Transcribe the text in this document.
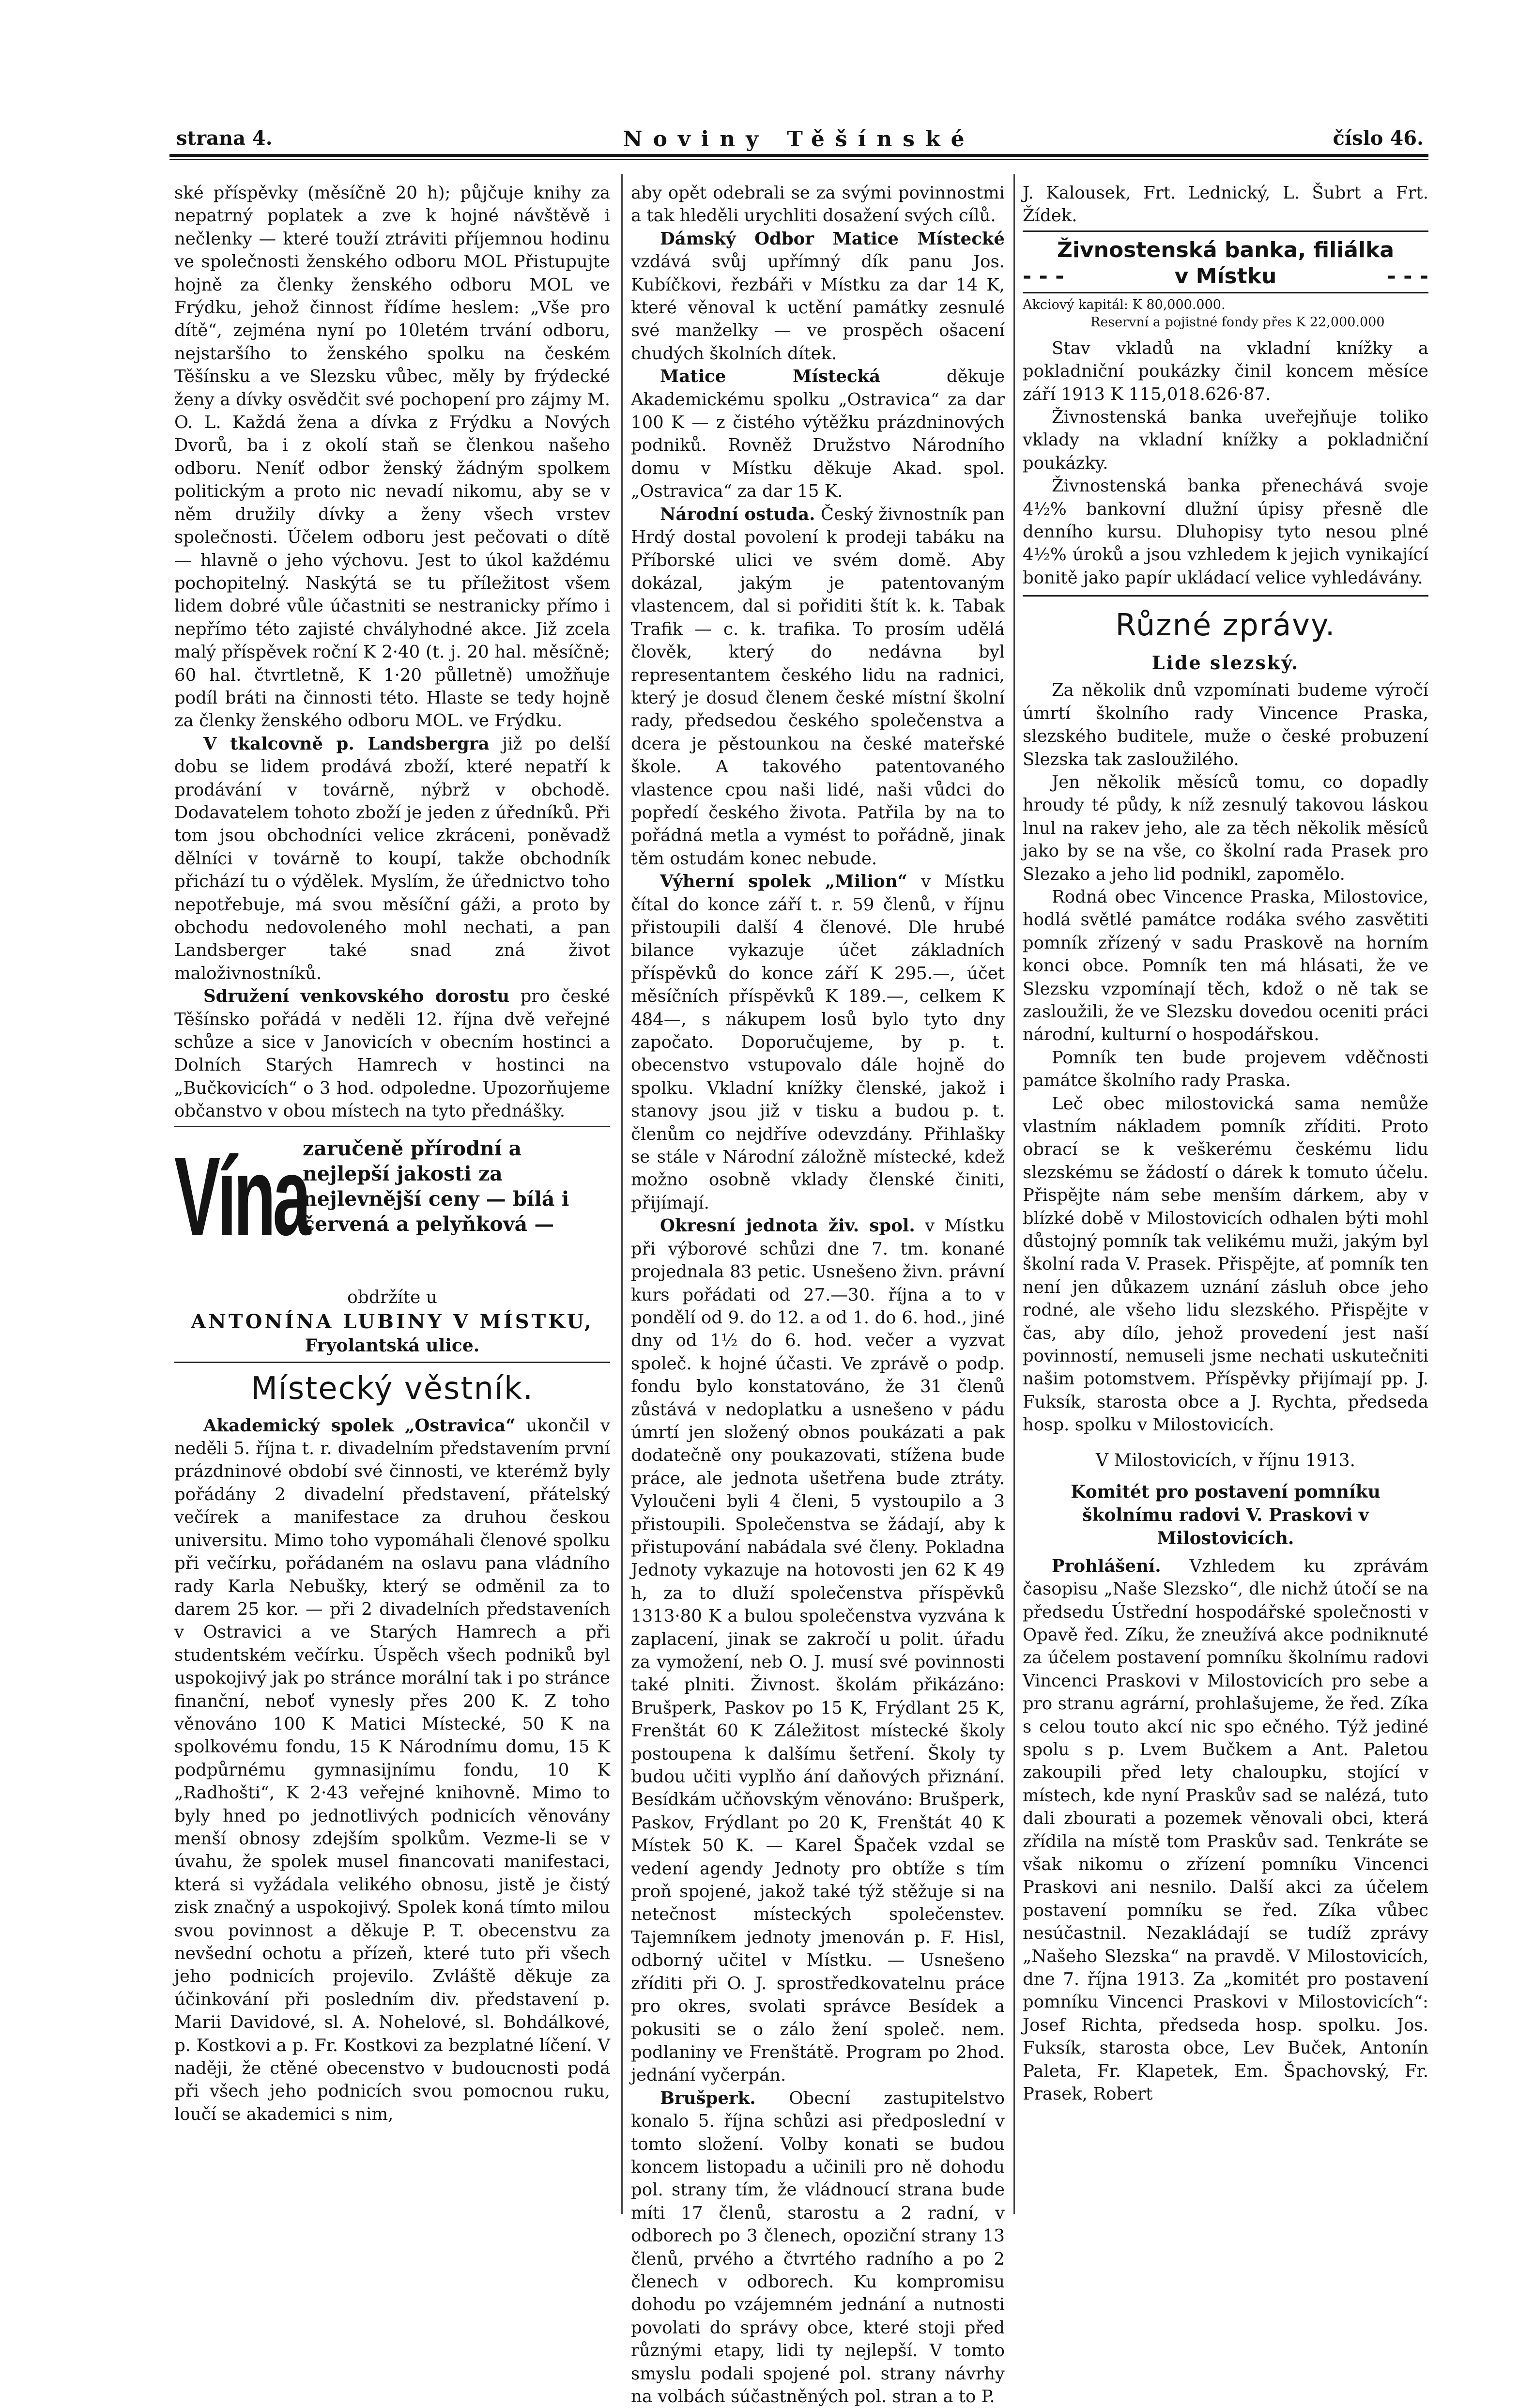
strana 4.	Noviny Těšínské	číslo 46.

ské příspěvky (měsíčně 20 h); půjčuje knihy za nepatrný poplatek a zve k hojné návštěvě i nečlenky — které touží ztráviti příjemnou hodinu ve společnosti ženského odboru MOL Přistupujte hojně za členky ženského odboru MOL ve Frýdku, jehož činnost řídíme heslem: „Vše pro dítě“, zejména nyní po 10letém trvání odboru, nejstaršího to ženského spolku na českém Těšínsku a ve Slezsku vůbec, měly by frýdecké ženy a dívky osvědčit své pochopení pro zájmy M. O. L. Každá žena a dívka z Frýdku a Nových Dvorů, ba i z okolí staň se členkou našeho odboru. Neníť odbor ženský žádným spolkem politickým a proto nic nevadí nikomu, aby se v něm družily dívky a ženy všech vrstev společnosti. Účelem odboru jest pečovati o dítě — hlavně o jeho výchovu. Jest to úkol každému pochopitelný. Naskýtá se tu příležitost všem lidem dobré vůle účastniti se nestranicky přímo i nepřímo této zajisté chvályhodné akce. Již zcela malý příspěvek roční K 2·40 (t. j. 20 hal. měsíčně; 60 hal. čtvrtletně, K 1·20 půlletně) umožňuje podíl bráti na činnosti této. Hlaste se tedy hojně za členky ženského odboru MOL. ve Frýdku.

V tkalcovně p. Landsbergra již po delší dobu se lidem prodává zboží, které nepatří k prodávání v továrně, nýbrž v obchodě. Dodavatelem tohoto zboží je jeden z úředníků. Při tom jsou obchodníci velice zkráceni, poněvadž dělníci v továrně to koupí, takže obchodník přichází tu o výdělek. Myslím, že úřednictvo toho nepotřebuje, má svou měsíční gáži, a proto by obchodu nedovoleného mohl nechati, a pan Landsberger také snad zná život maloživnostníků.

Sdružení venkovského dorostu pro české Těšínsko pořádá v neděli 12. října dvě veřejné schůze a sice v Janovicích v obecním hostinci a Dolních Starých Hamrech v hostinci na „Bučkovicích“ o 3 hod. odpoledne. Upozorňujeme občanstvo v obou místech na tyto přednášky.

Vína
zaručeně přírodní a nejlepší jakosti za nejlevnější ceny — bílá i červená a pelyňková —

obdržíte u

ANTONÍNA LUBINY V MÍSTKU,

Fryolantská ulice.

Místecký věstník.

Akademický spolek „Ostravica“ ukončil v neděli 5. října t. r. divadelním představením první prázdninové období své činnosti, ve kterémž byly pořádány 2 divadelní představení, přátelský večírek a manifestace za druhou českou universitu. Mimo toho vypomáhali členové spolku při večírku, pořádaném na oslavu pana vládního rady Karla Nebušky, který se odměnil za to darem 25 kor. — při 2 divadelních představeních v Ostravici a ve Starých Hamrech a při studentském večírku. Úspěch všech podniků byl uspokojivý jak po stránce morální tak i po stránce finanční, neboť vynesly přes 200 K. Z toho věnováno 100 K Matici Místecké, 50 K na spolkovému fondu, 15 K Národnímu domu, 15 K podpůrnému gymnasijnímu fondu, 10 K „Radhošti“, K 2·43 veřejné knihovně. Mimo to byly hned po jednotlivých podnicích věnovány menší obnosy zdejším spolkům. Vezme-li se v úvahu, že spolek musel financovati manifestaci, která si vyžádala velikého obnosu, jistě je čistý zisk značný a uspokojivý. Spolek koná tímto milou svou povinnost a děkuje P. T. obecenstvu za nevšední ochotu a přízeň, které tuto při všech jeho podnicích projevilo. Zvláště děkuje za účinkování při posledním div. představení p. Marii Davidové, sl. A. Nohelové, sl. Bohdálkové, p. Kostkovi a p. Fr. Kostkovi za bezplatné líčení. V naději, že ctěné obecenstvo v budoucnosti podá při všech jeho podnicích svou pomocnou ruku, loučí se akademici s nim,

aby opět odebrali se za svými povinnostmi a tak hleděli urychliti dosažení svých cílů.

Dámský Odbor Matice Místecké vzdává svůj upřímný dík panu Jos. Kubíčkovi, řezbáři v Místku za dar 14 K, které věnoval k uctění památky zesnulé své manželky — ve prospěch ošacení chudých školních dítek.

Matice Místecká děkuje Akademickému spolku „Ostravica“ za dar 100 K — z čistého výtěžku prázdninových podniků. Rovněž Družstvo Národního domu v Místku děkuje Akad. spol. „Ostravica“ za dar 15 K.

Národní ostuda. Český živnostník pan Hrdý dostal povolení k prodeji tabáku na Příborské ulici ve svém domě. Aby dokázal, jakým je patentovaným vlastencem, dal si pořiditi štít k. k. Tabak Trafik — c. k. trafika. To prosím udělá člověk, který do nedávna byl representantem českého lidu na radnici, který je dosud členem české místní školní rady, předsedou českého společenstva a dcera je pěstounkou na české mateřské škole. A takového patentovaného vlastence cpou naši lidé, naši vůdci do popředí českého života. Patřila by na to pořádná metla a vymést to pořádně, jinak těm ostudám konec nebude.

Výherní spolek „Milion“ v Místku čítal do konce září t. r. 59 členů, v říjnu přistoupili další 4 členové. Dle hrubé bilance vykazuje účet základních příspěvků do konce září K 295.—, účet měsíčních příspěvků K 189.—, celkem K 484—, s nákupem losů bylo tyto dny započato. Doporučujeme, by p. t. obecenstvo vstupovalo dále hojně do spolku. Vkladní knížky členské, jakož i stanovy jsou již v tisku a budou p. t. členům co nejdříve odevzdány. Přihlašky se stále v Národní záložně místecké, kdež možno osobně vklady členské činiti, přijímají.

Okresní jednota živ. spol. v Místku při výborové schůzi dne 7. tm. konané projednala 83 petic. Usnešeno živn. právní kurs pořádati od 27.—30. října a to v pondělí od 9. do 12. a od 1. do 6. hod., jiné dny od 1½ do 6. hod. večer a vyzvat společ. k hojné účasti. Ve zprávě o podp. fondu bylo konstatováno, že 31 členů zůstává v nedoplatku a usnešeno v pádu úmrtí jen složený obnos poukázati a pak dodatečně ony poukazovati, stížena bude práce, ale jednota ušetřena bude ztráty. Vyloučeni byli 4 členi, 5 vystoupilo a 3 přistoupili. Společenstva se žádají, aby k přistupování nabádala své členy. Pokladna Jednoty vykazuje na hotovosti jen 62 K 49 h, za to dluží společenstva příspěvků 1313·80 K a bulou společenstva vyzvána k zaplacení, jinak se zakročí u polit. úřadu za vymožení, neb O. J. musí své povinnosti také plniti. Živnost. školám přikázáno: Brušperk, Paskov po 15 K, Frýdlant 25 K, Frenštát 60 K Záležitost místecké školy postoupena k dalšímu šetření. Školy ty budou učiti vyplňo ání daňových přiznání. Besídkám učňovským věnováno: Brušperk, Paskov, Frýdlant po 20 K, Frenštát 40 K Místek 50 K. — Karel Špaček vzdal se vedení agendy Jednoty pro obtíže s tím proň spojené, jakož také týž stěžuje si na netečnost místeckých společenstev. Tajemníkem jednoty jmenován p. F. Hisl, odborný učitel v Místku. — Usnešeno zříditi při O. J. sprostředkovatelnu práce pro okres, svolati správce Besídek a pokusiti se o zálo žení společ. nem. podlaniny ve Frenštátě. Program po 2hod. jednání vyčerpán.

Brušperk. Obecní zastupitelstvo konalo 5. října schůzi asi předposlední v tomto složení. Volby konati se budou koncem listopadu a učinili pro ně dohodu pol. strany tím, že vládnoucí strana bude míti 17 členů, starostu a 2 radní, v odborech po 3 členech, opoziční strany 13 členů, prvého a čtvrtého radního a po 2 členech v odborech. Ku kompromisu dohodu po vzájemném jednání a nutnosti povolati do správy obce, které stoji před různými etapy, lidi ty nejlepší. V tomto smyslu podali spojené pol. strany návrhy na volbách súčastněných pol. stran a to P.

J. Kalousek, Frt. Lednický, L. Šubrt a Frt. Žídek.

Živnostenská banka, filiálka

- - -	v Místku	- - -

Akciový kapitál: K 80,000.000.

Reservní a pojistné fondy přes K 22,000.000

Stav vkladů na vkladní knížky a pokladniční poukázky činil koncem měsíce září 1913 K 115,018.626·87.

Živnostenská banka uveřejňuje toliko vklady na vkladní knížky a pokladniční poukázky.

Živnostenská banka přenechává svoje 4½% bankovní dlužní úpisy přesně dle denního kursu. Dluhopisy tyto nesou plné 4½% úroků a jsou vzhledem k jejich vynikající bonitě jako papír ukládací velice vyhledávány.

Různé zprávy.
Lide slezský.

Za několik dnů vzpomínati budeme výročí úmrtí školního rady Vincence Praska, slezského buditele, muže o české probuzení Slezska tak zasloužilého.

Jen několik měsíců tomu, co dopadly hroudy té půdy, k níž zesnulý takovou láskou lnul na rakev jeho, ale za těch několik měsíců jako by se na vše, co školní rada Prasek pro Slezako a jeho lid podnikl, zapomělo.

Rodná obec Vincence Praska, Milostovice, hodlá světlé památce rodáka svého zasvětiti pomník zřízený v sadu Praskově na horním konci obce. Pomník ten má hlásati, že ve Slezsku vzpomínají těch, kdož o ně tak se zasloužili, že ve Slezsku dovedou oceniti práci národní, kulturní o hospodářskou.

Pomník ten bude projevem vděčnosti památce školního rady Praska.

Leč obec milostovická sama nemůže vlastním nákladem pomník zříditi. Proto obrací se k veškerému českému lidu slezskému se žádostí o dárek k tomuto účelu. Přispějte nám sebe menším dárkem, aby v blízké době v Milostovicích odhalen býti mohl důstojný pomník tak velikému muži, jakým byl školní rada V. Prasek. Přispějte, ať pomník ten není jen důkazem uznání zásluh obce jeho rodné, ale všeho lidu slezského. Přispějte v čas, aby dílo, jehož provedení jest naší povinností, nemuseli jsme nechati uskutečniti našim potomstvem. Příspěvky přijímají pp. J. Fuksík, starosta obce a J. Rychta, předseda hosp. spolku v Milostovicích.

V Milostovicích, v říjnu 1913.

Komitét pro postavení pomníku školnímu radovi V. Praskovi v Milostovicích.

Prohlášení. Vzhledem ku zprávám časopisu „Naše Slezsko“, dle nichž útočí se na předsedu Ústřední hospodářské společnosti v Opavě řed. Zíku, že zneužívá akce podniknuté za účelem postavení pomníku školnímu radovi Vincenci Praskovi v Milostovicích pro sebe a pro stranu agrární, prohlašujeme, že řed. Zíka s celou touto akcí nic spo ečného. Týž jediné spolu s p. Lvem Bučkem a Ant. Paletou zakoupili před lety chaloupku, stojící v místech, kde nyní Praskův sad se nalézá, tuto dali zbourati a pozemek věnovali obci, která zřídila na místě tom Praskův sad. Tenkráte se však nikomu o zřízení pomníku Vincenci Praskovi ani nesnilo. Další akci za účelem postavení pomníku se řed. Zíka vůbec nesúčastnil. Nezakládají se tudíž zprávy „Našeho Slezska“ na pravdě. V Milostovicích, dne 7. října 1913. Za „komitét pro postavení pomníku Vincenci Praskovi v Milostovicích“: Josef Richta, předseda hosp. spolku. Jos. Fuksík, starosta obce, Lev Buček, Antonín Paleta, Fr. Klapetek, Em. Špachovský, Fr. Prasek, Robert
